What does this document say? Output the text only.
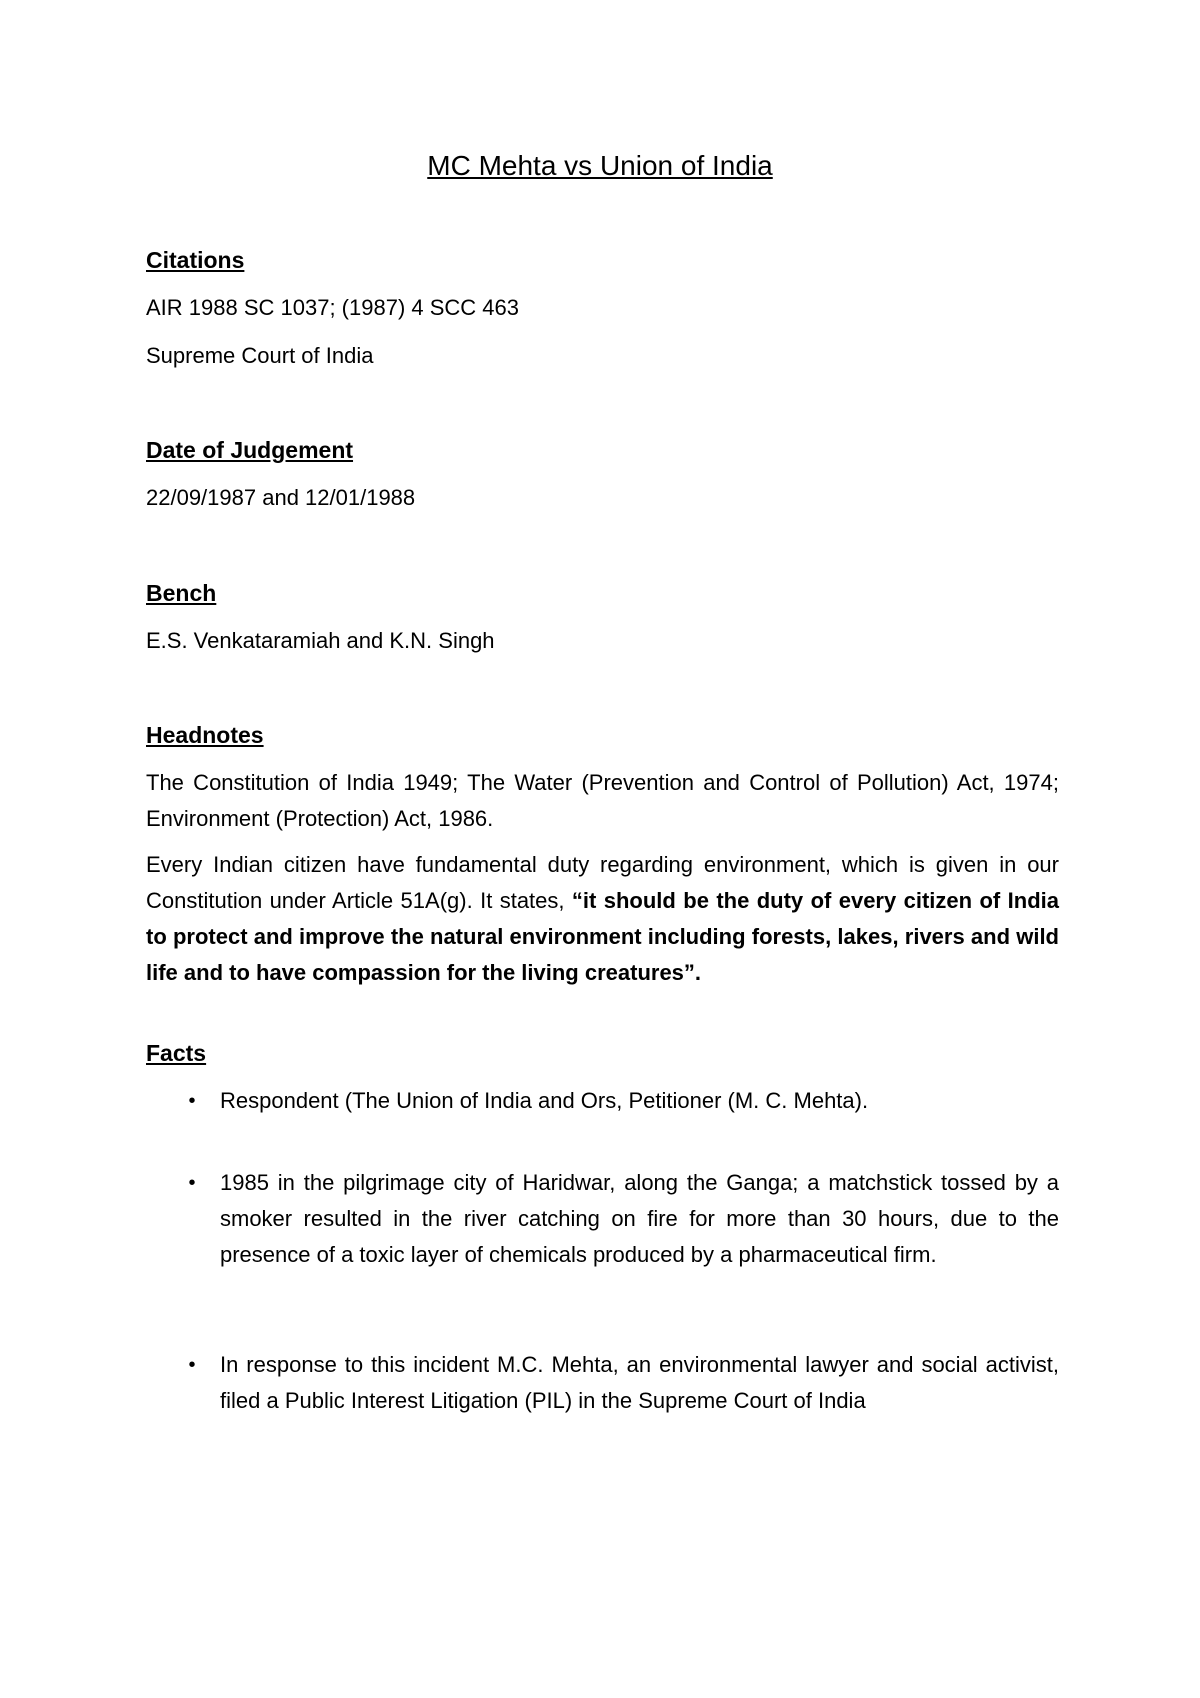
MC Mehta vs Union of India
Citations
AIR 1988 SC 1037; (1987) 4 SCC 463
Supreme Court of India
Date of Judgement
22/09/1987 and 12/01/1988
Bench
E.S. Venkataramiah and K.N. Singh
Headnotes
The Constitution of India 1949; The Water (Prevention and Control of Pollution) Act, 1974; Environment (Protection) Act, 1986.
Every Indian citizen have fundamental duty regarding environment, which is given in our Constitution under Article 51A(g). It states, “it should be the duty of every citizen of India to protect and improve the natural environment including forests, lakes, rivers and wild life and to have compassion for the living creatures”.
Facts
• Respondent (The Union of India and Ors, Petitioner (M. C. Mehta).
• 1985 in the pilgrimage city of Haridwar, along the Ganga; a matchstick tossed by a smoker resulted in the river catching on fire for more than 30 hours, due to the presence of a toxic layer of chemicals produced by a pharmaceutical firm.
• In response to this incident M.C. Mehta, an environmental lawyer and social activist, filed a Public Interest Litigation (PIL) in the Supreme Court of India
